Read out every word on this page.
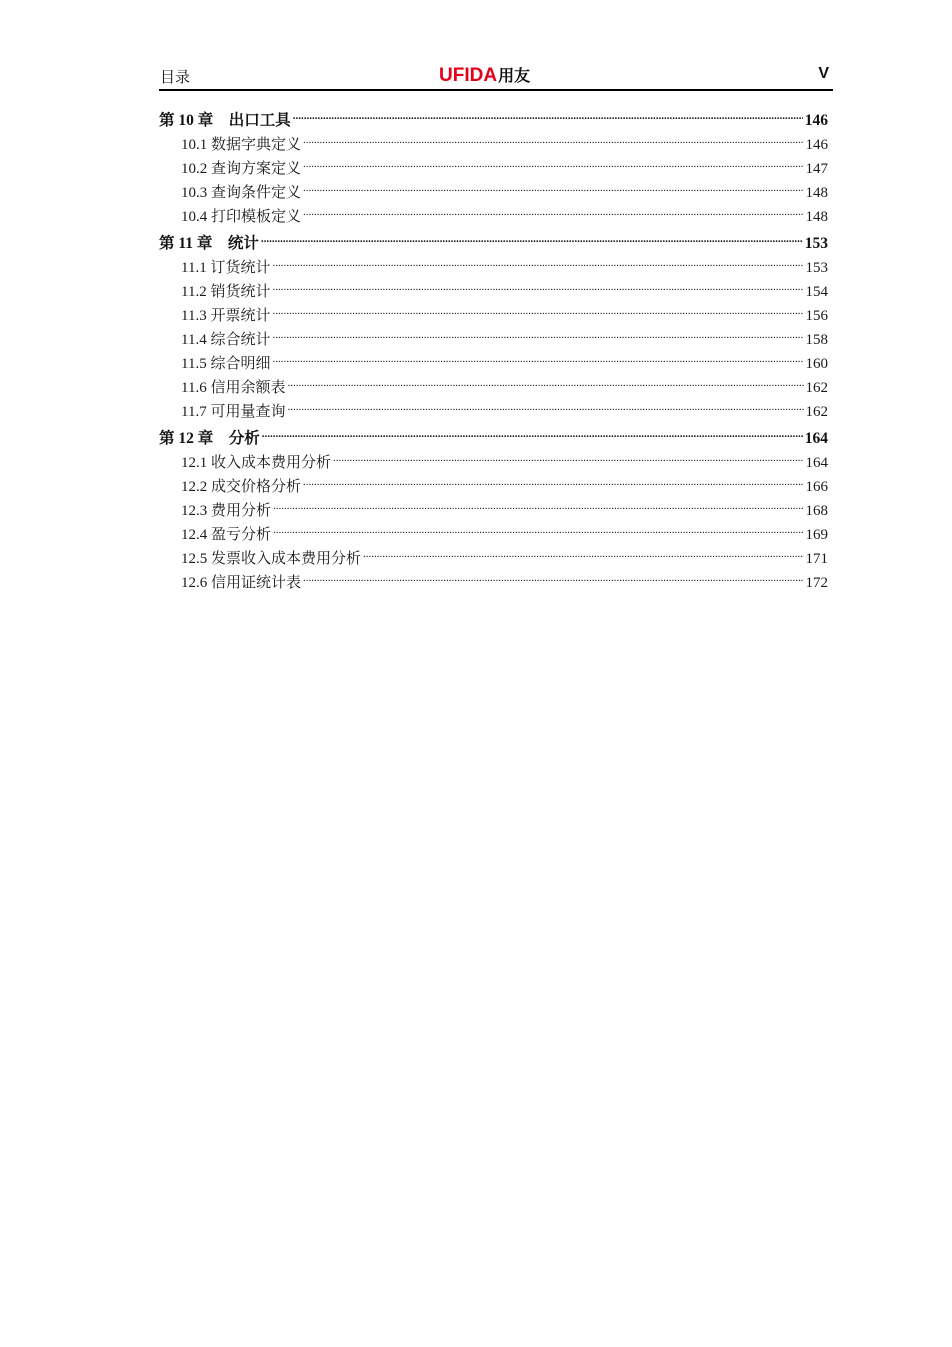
目录	UFIDA 用友	V
第 10 章　出口工具 .....	146
10.1 数据字典定义 .....	146
10.2 查询方案定义 .....	147
10.3 查询条件定义 .....	148
10.4 打印模板定义 .....	148
第 11 章　统计 .....	153
11.1 订货统计 .....	153
11.2 销货统计 .....	154
11.3 开票统计 .....	156
11.4 综合统计 .....	158
11.5 综合明细 .....	160
11.6 信用余额表 .....	162
11.7 可用量查询 .....	162
第 12 章　分析 .....	164
12.1 收入成本费用分析 .....	164
12.2 成交价格分析 .....	166
12.3 费用分析 .....	168
12.4 盈亏分析 .....	169
12.5 发票收入成本费用分析 .....	171
12.6 信用证统计表 .....	172
